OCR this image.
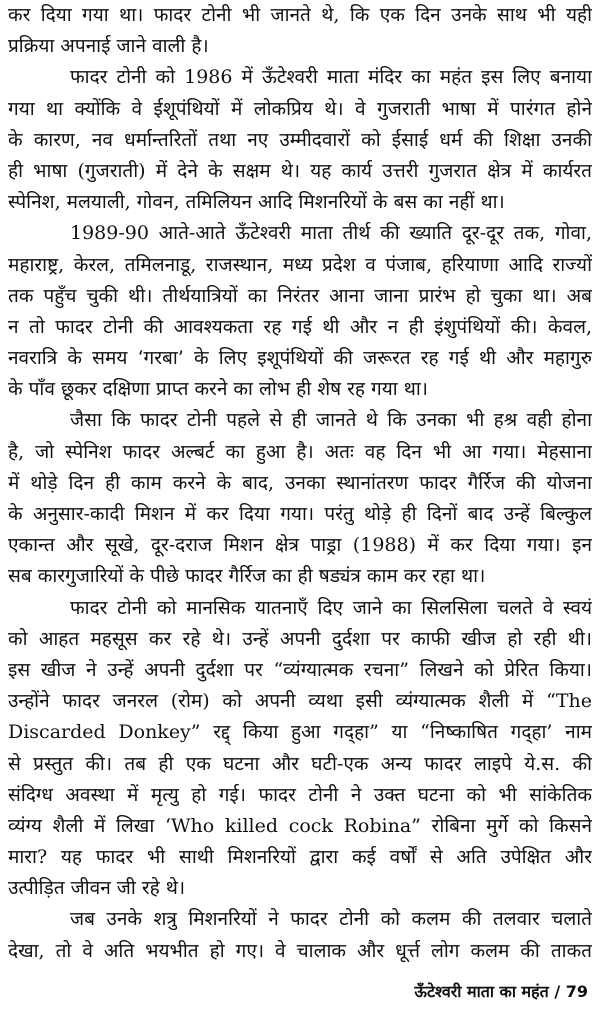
कर दिया गया था। फादर टोनी भी जानते थे, कि एक दिन उनके साथ भी यही
प्रक्रिया अपनाई जाने वाली है।
फादर टोनी को 1986 में ऊँटेश्वरी माता मंदिर का महंत इस लिए बनाया
गया था क्योंकि वे ईशूपंथियों में लोकप्रिय थे। वे गुजराती भाषा में पारंगत होने
के कारण, नव धर्मान्तरितों तथा नए उम्मीदवारों को ईसाई धर्म की शिक्षा उनकी
ही भाषा (गुजराती) में देने के सक्षम थे। यह कार्य उत्तरी गुजरात क्षेत्र में कार्यरत
स्पेनिश, मलयाली, गोवन, तमिलियन आदि मिशनरियों के बस का नहीं था।
1989-90 आते-आते ऊँटेश्वरी माता तीर्थ की ख्याति दूर-दूर तक, गोवा,
महाराष्ट्र, केरल, तमिलनाडू, राजस्थान, मध्य प्रदेश व पंजाब, हरियाणा आदि राज्यों
तक पहुँच चुकी थी। तीर्थयात्रियों का निरंतर आना जाना प्रारंभ हो चुका था। अब
न तो फादर टोनी की आवश्यकता रह गई थी और न ही इंशुपंथियों की। केवल,
नवरात्रि के समय ‘गरबा’ के लिए इशूपंथियों की जरूरत रह गई थी और महागुरु
के पाँव छूकर दक्षिणा प्राप्त करने का लोभ ही शेष रह गया था।
जैसा कि फादर टोनी पहले से ही जानते थे कि उनका भी हश्र वही होना
है, जो स्पेनिश फादर अल्बर्ट का हुआ है। अतः वह दिन भी आ गया। मेहसाना
में थोड़े दिन ही काम करने के बाद, उनका स्थानांतरण फादर गैर्रिज की योजना
के अनुसार-कादी मिशन में कर दिया गया। परंतु थोड़े ही दिनों बाद उन्हें बिल्कुल
एकान्त और सूखे, दूर-दराज मिशन क्षेत्र पाड्रा (1988) में कर दिया गया। इन
सब कारगुजारियों के पीछे फादर गैर्रिज का ही षड्यंत्र काम कर रहा था।
फादर टोनी को मानसिक यातनाएँ दिए जाने का सिलसिला चलते वे स्वयं
को आहत महसूस कर रहे थे। उन्हें अपनी दुर्दशा पर काफी खीज हो रही थी।
इस खीज ने उन्हें अपनी दुर्दशा पर “व्यंग्यात्मक रचना” लिखने को प्रेरित किया।
उन्होंने फादर जनरल (रोम) को अपनी व्यथा इसी व्यंग्यात्मक शैली में “The
Discarded Donkey” रद्द् किया हुआ गद्हा” या “निष्काषित गद्हा’ नाम
से प्रस्तुत की। तब ही एक घटना और घटी-एक अन्य फादर लाइपे ये.स. की
संदिग्ध अवस्था में मृत्यु हो गई। फादर टोनी ने उक्त घटना को भी सांकेतिक
व्यंग्य शैली में लिखा ‘Who killed cock Robina” रोबिना मुर्गे को किसने
मारा? यह फादर भी साथी मिशनरियों द्वारा कई वर्षों से अति उपेक्षित और
उत्पीड़ित जीवन जी रहे थे।
जब उनके शत्रु मिशनरियों ने फादर टोनी को कलम की तलवार चलाते
देखा, तो वे अति भयभीत हो गए। वे चालाक और धूर्त्त लोग कलम की ताकत
ऊँटेश्वरी माता का महंत / 79
